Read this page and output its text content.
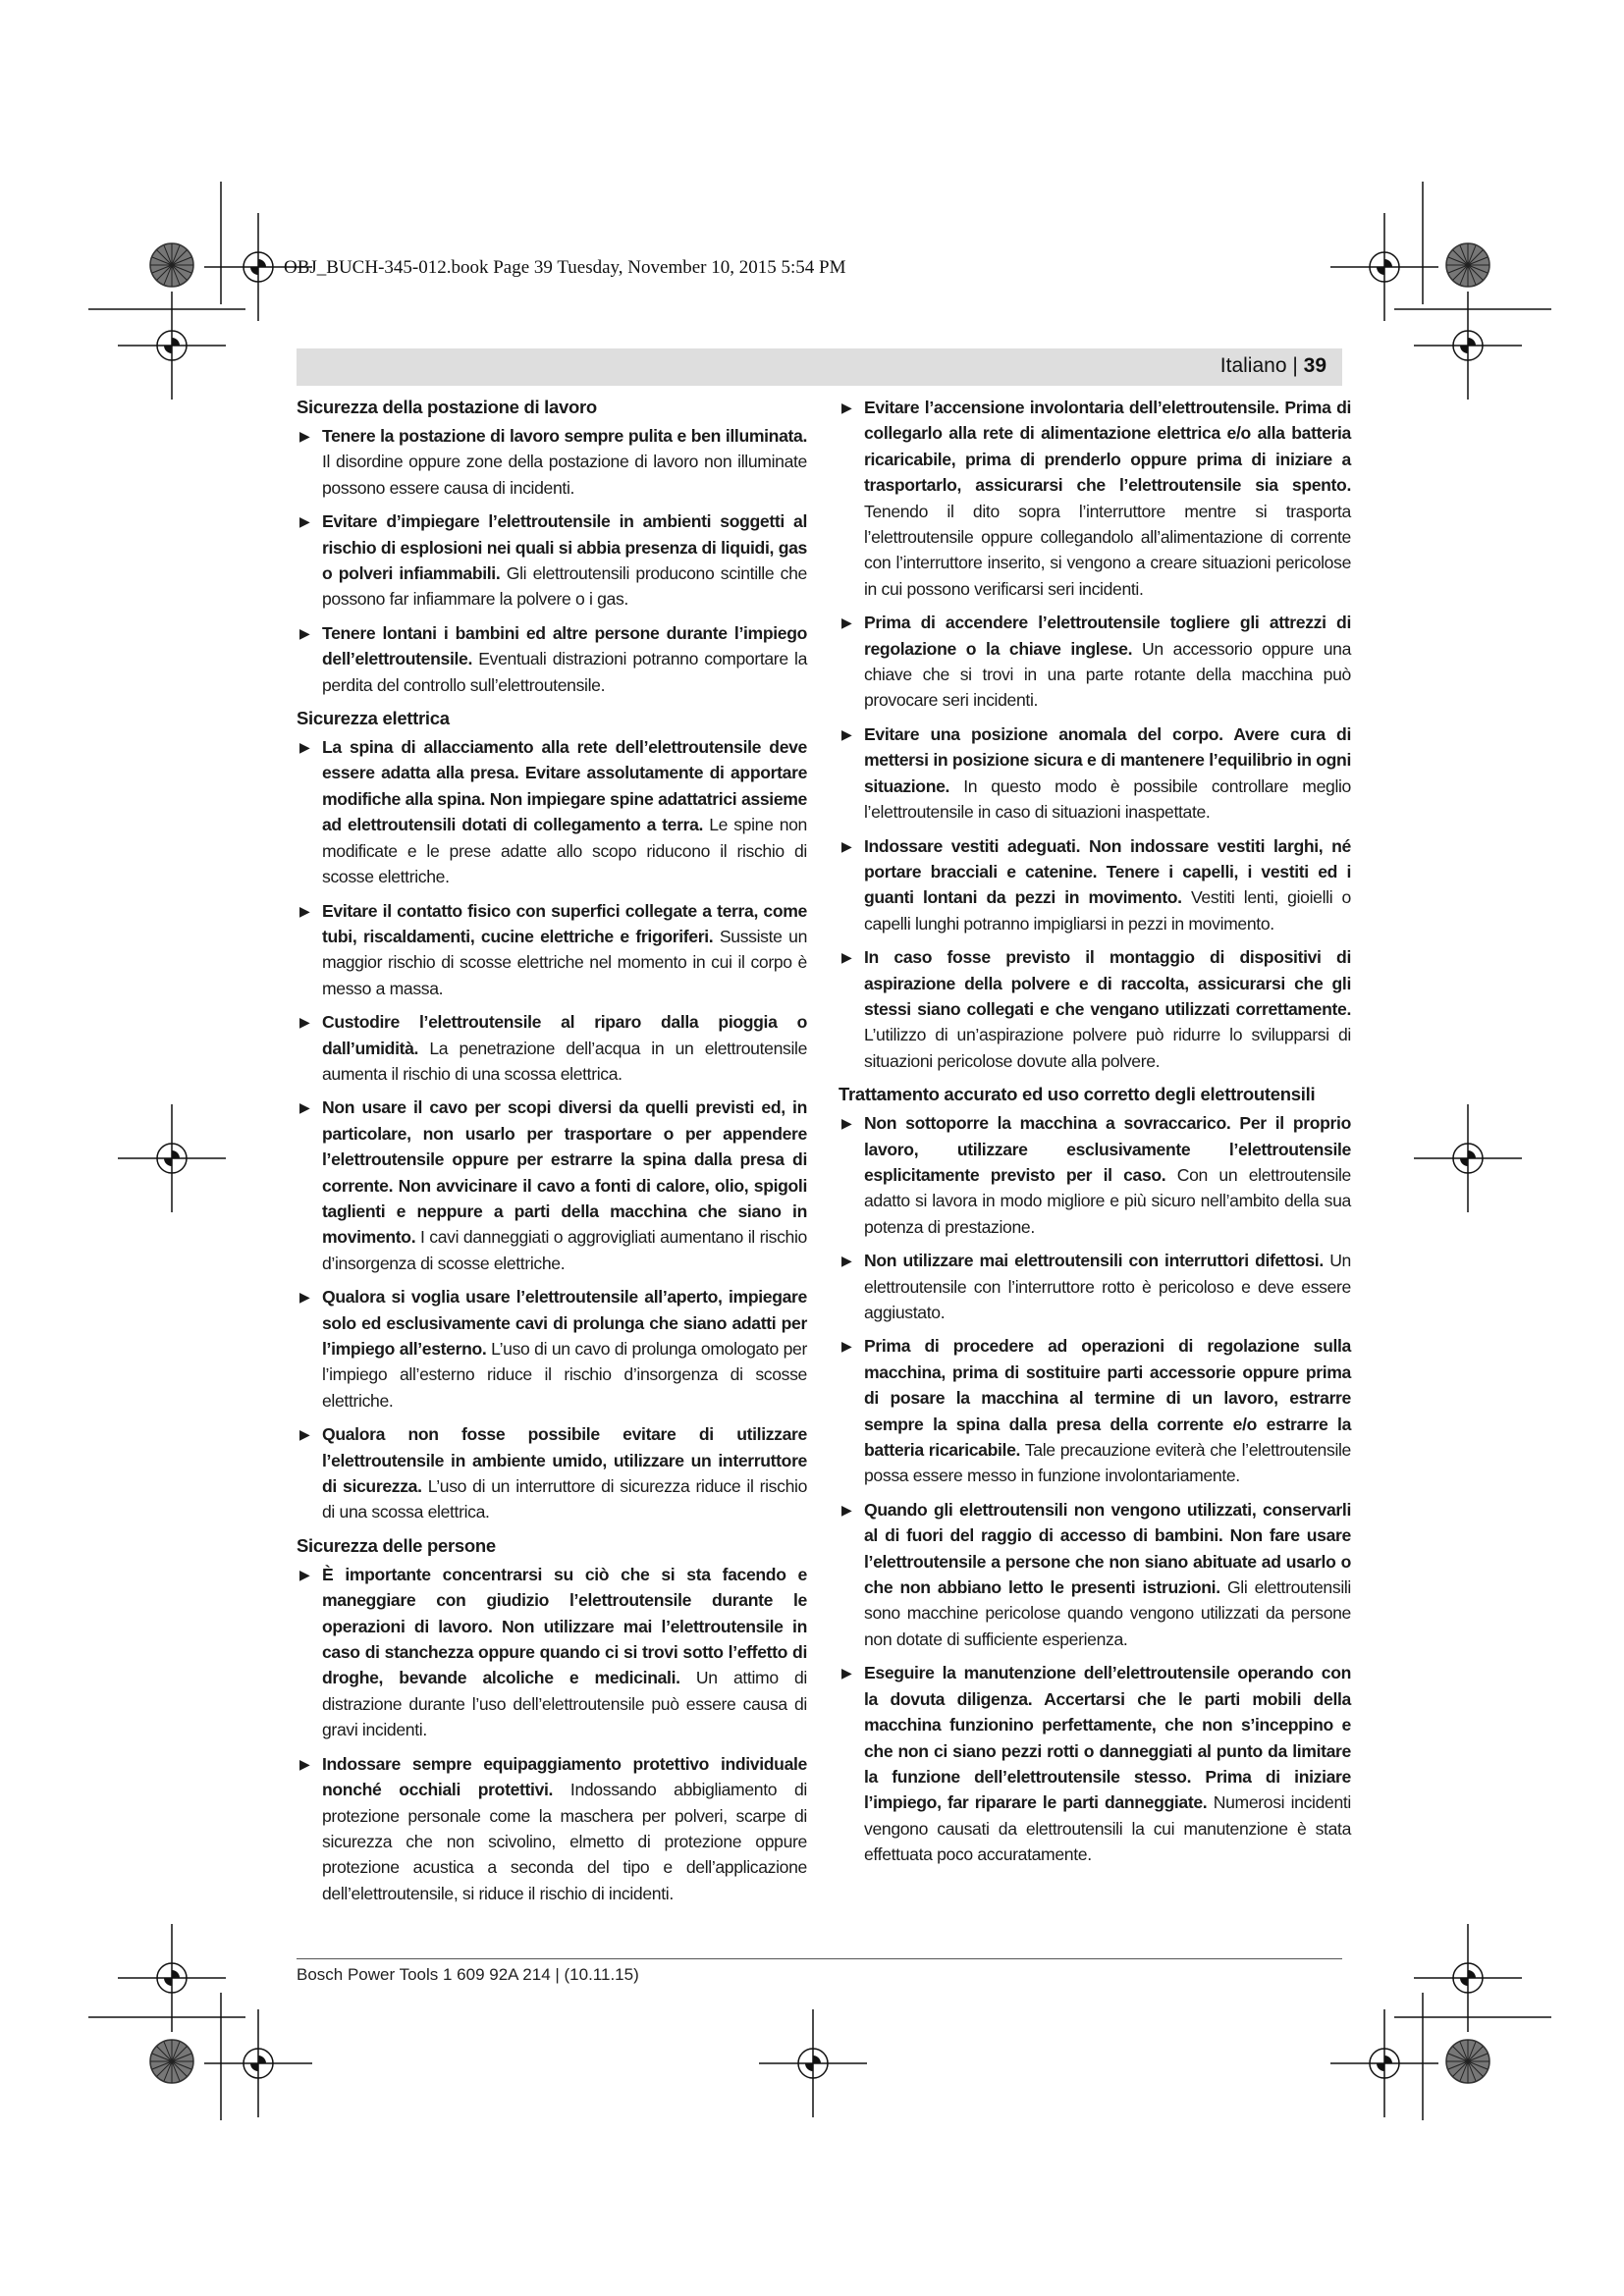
OBJ_BUCH-345-012.book Page 39 Tuesday, November 10, 2015 5:54 PM
Italiano | 39
Sicurezza della postazione di lavoro
▶ Tenere la postazione di lavoro sempre pulita e ben illuminata. Il disordine oppure zone della postazione di lavoro non illuminate possono essere causa di incidenti.
▶ Evitare d’impiegare l’elettroutensile in ambienti soggetti al rischio di esplosioni nei quali si abbia presenza di liquidi, gas o polveri infiammabili. Gli elettroutensili producono scintille che possono far infiammare la polvere o i gas.
▶ Tenere lontani i bambini ed altre persone durante l’impiego dell’elettroutensile. Eventuali distrazioni potranno comportare la perdita del controllo sull’elettroutensile.
Sicurezza elettrica
▶ La spina di allacciamento alla rete dell’elettroutensile deve essere adatta alla presa. Evitare assolutamente di apportare modifiche alla spina. Non impiegare spine adattatrici assieme ad elettroutensili dotati di collegamento a terra. Le spine non modificate e le prese adatte allo scopo riducono il rischio di scosse elettriche.
▶ Evitare il contatto fisico con superfici collegate a terra, come tubi, riscaldamenti, cucine elettriche e frigoriferi. Sussiste un maggior rischio di scosse elettriche nel momento in cui il corpo è messo a massa.
▶ Custodire l’elettroutensile al riparo dalla pioggia o dall’umidità. La penetrazione dell’acqua in un elettroutensile aumenta il rischio di una scossa elettrica.
▶ Non usare il cavo per scopi diversi da quelli previsti ed, in particolare, non usarlo per trasportare o per appendere l’elettroutensile oppure per estrarre la spina dalla presa di corrente. Non avvicinare il cavo a fonti di calore, olio, spigoli taglienti e neppure a parti della macchina che siano in movimento. I cavi danneggiati o aggrovigliati aumentano il rischio d’insorgenza di scosse elettriche.
▶ Qualora si voglia usare l’elettroutensile all’aperto, impiegare solo ed esclusivamente cavi di prolunga che siano adatti per l’impiego all’esterno. L’uso di un cavo di prolunga omologato per l’impiego all’esterno riduce il rischio d’insorgenza di scosse elettriche.
▶ Qualora non fosse possibile evitare di utilizzare l’elettroutensile in ambiente umido, utilizzare un interruttore di sicurezza. L’uso di un interruttore di sicurezza riduce il rischio di una scossa elettrica.
Sicurezza delle persone
▶ È importante concentrarsi su ciò che si sta facendo e maneggiare con giudizio l’elettroutensile durante le operazioni di lavoro. Non utilizzare mai l’elettroutensile in caso di stanchezza oppure quando ci si trovi sotto l’effetto di droghe, bevande alcoliche e medicinali. Un attimo di distrazione durante l’uso dell’elettroutensile può essere causa di gravi incidenti.
▶ Indossare sempre equipaggiamento protettivo individuale nonché occhiali protettivi. Indossando abbigliamento di protezione personale come la maschera per polveri, scarpe di sicurezza che non scivolino, elmetto di protezione oppure protezione acustica a seconda del tipo e dell’applicazione dell’elettroutensile, si riduce il rischio di incidenti.
▶ Evitare l’accensione involontaria dell’elettroutensile. Prima di collegarlo alla rete di alimentazione elettrica e/o alla batteria ricaricabile, prima di prenderlo oppure prima di iniziare a trasportarlo, assicurarsi che l’elettroutensile sia spento. Tenendo il dito sopra l’interruttore mentre si trasporta l’elettroutensile oppure collegandolo all’alimentazione di corrente con l’interruttore inserito, si vengono a creare situazioni pericolose in cui possono verificarsi seri incidenti.
▶ Prima di accendere l’elettroutensile togliere gli attrezzi di regolazione o la chiave inglese. Un accessorio oppure una chiave che si trovi in una parte rotante della macchina può provocare seri incidenti.
▶ Evitare una posizione anomala del corpo. Avere cura di mettersi in posizione sicura e di mantenere l’equilibrio in ogni situazione. In questo modo è possibile controllare meglio l’elettroutensile in caso di situazioni inaspettate.
▶ Indossare vestiti adeguati. Non indossare vestiti larghi, né portare bracciali e catenine. Tenere i capelli, i vestiti ed i guanti lontani da pezzi in movimento. Vestiti lenti, gioielli o capelli lunghi potranno impigliarsi in pezzi in movimento.
▶ In caso fosse previsto il montaggio di dispositivi di aspirazione della polvere e di raccolta, assicurarsi che gli stessi siano collegati e che vengano utilizzati correttamente. L’utilizzo di un’aspirazione polvere può ridurre lo svilupparsi di situazioni pericolose dovute alla polvere.
Trattamento accurato ed uso corretto degli elettroutensili
▶ Non sottoporre la macchina a sovraccarico. Per il proprio lavoro, utilizzare esclusivamente l’elettroutensile esplicitamente previsto per il caso. Con un elettroutensile adatto si lavora in modo migliore e più sicuro nell’ambito della sua potenza di prestazione.
▶ Non utilizzare mai elettroutensili con interruttori difettosi. Un elettroutensile con l’interruttore rotto è pericoloso e deve essere aggiustato.
▶ Prima di procedere ad operazioni di regolazione sulla macchina, prima di sostituire parti accessorie oppure prima di posare la macchina al termine di un lavoro, estrarre sempre la spina dalla presa della corrente e/o estrarre la batteria ricaricabile. Tale precauzione eviterà che l’elettroutensile possa essere messo in funzione involontariamente.
▶ Quando gli elettroutensili non vengono utilizzati, conservarli al di fuori del raggio di accesso di bambini. Non fare usare l’elettroutensile a persone che non siano abituate ad usarlo o che non abbiano letto le presenti istruzioni. Gli elettroutensili sono macchine pericolose quando vengono utilizzati da persone non dotate di sufficiente esperienza.
▶ Eseguire la manutenzione dell’elettroutensile operando con la dovuta diligenza. Accertarsi che le parti mobili della macchina funzionino perfettamente, che non s’inceppino e che non ci siano pezzi rotti o danneggiati al punto da limitare la funzione dell’elettroutensile stesso. Prima di iniziare l’impiego, far riparare le parti danneggiate. Numerosi incidenti vengono causati da elettroutensili la cui manutenzione è stata effettuata poco accuratamente.
Bosch Power Tools 1 609 92A 214 | (10.11.15)
